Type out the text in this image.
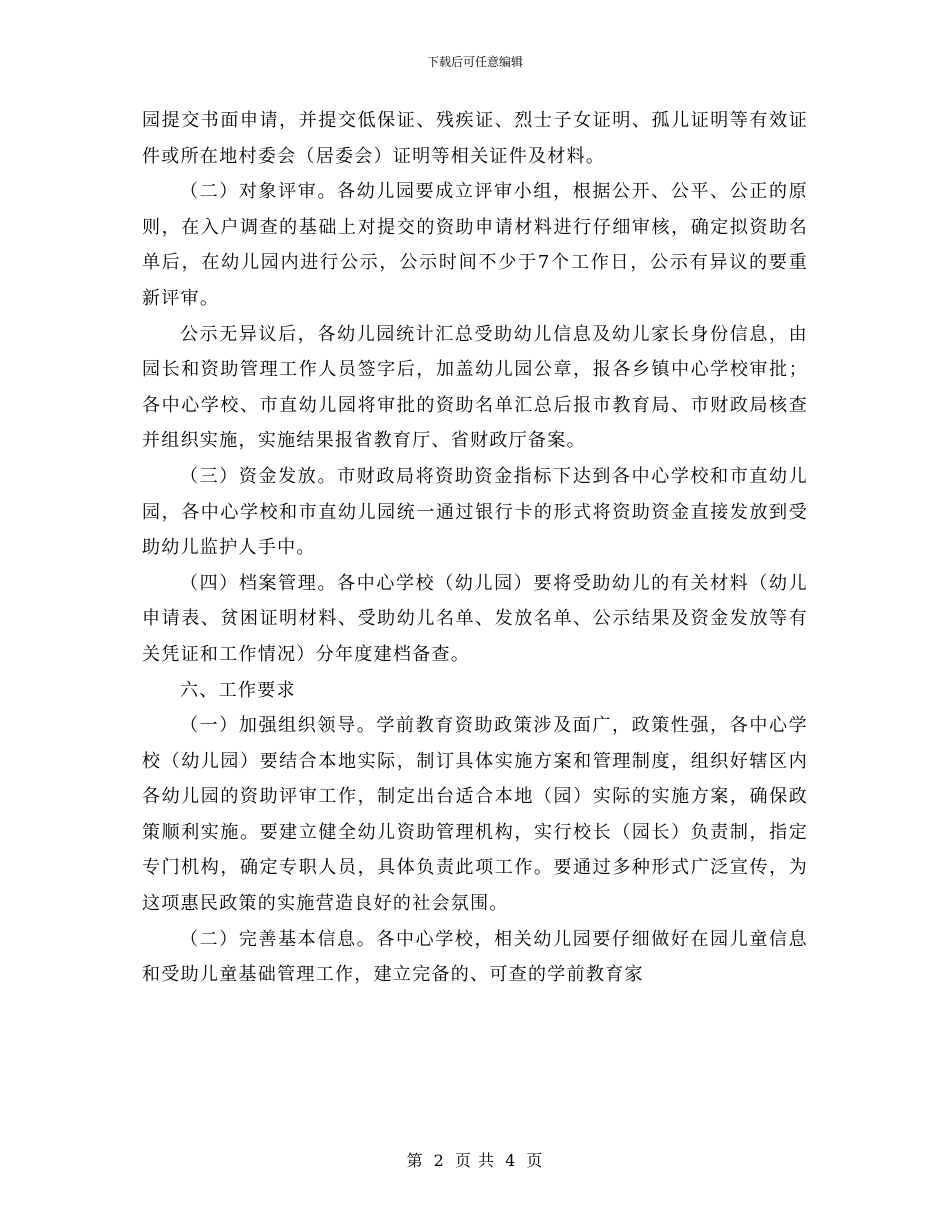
下载后可任意编辑

园提交书面申请，并提交低保证、残疾证、烈士子女证明、孤儿证明等有效证件或所在地村委会（居委会）证明等相关证件及材料。

（二）对象评审。各幼儿园要成立评审小组，根据公开、公平、公正的原则，在入户调查的基础上对提交的资助申请材料进行仔细审核，确定拟资助名单后，在幼儿园内进行公示，公示时间不少于7个工作日，公示有异议的要重新评审。

公示无异议后，各幼儿园统计汇总受助幼儿信息及幼儿家长身份信息，由园长和资助管理工作人员签字后，加盖幼儿园公章，报各乡镇中心学校审批；各中心学校、市直幼儿园将审批的资助名单汇总后报市教育局、市财政局核查并组织实施，实施结果报省教育厅、省财政厅备案。

（三）资金发放。市财政局将资助资金指标下达到各中心学校和市直幼儿园，各中心学校和市直幼儿园统一通过银行卡的形式将资助资金直接发放到受助幼儿监护人手中。

（四）档案管理。各中心学校（幼儿园）要将受助幼儿的有关材料（幼儿申请表、贫困证明材料、受助幼儿名单、发放名单、公示结果及资金发放等有关凭证和工作情况）分年度建档备查。

六、工作要求

（一）加强组织领导。学前教育资助政策涉及面广，政策性强，各中心学校（幼儿园）要结合本地实际，制订具体实施方案和管理制度，组织好辖区内各幼儿园的资助评审工作，制定出台适合本地（园）实际的实施方案，确保政策顺利实施。要建立健全幼儿资助管理机构，实行校长（园长）负责制，指定专门机构，确定专职人员，具体负责此项工作。要通过多种形式广泛宣传，为这项惠民政策的实施营造良好的社会氛围。

（二）完善基本信息。各中心学校，相关幼儿园要仔细做好在园儿童信息和受助儿童基础管理工作，建立完备的、可查的学前教育家

第 2 页 共 4 页
